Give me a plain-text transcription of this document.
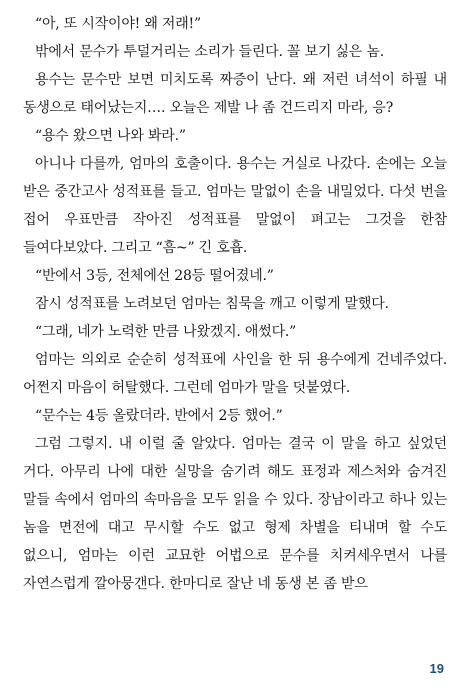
“아, 또 시작이야! 왜 저래!”

밖에서 문수가 투덜거리는 소리가 들린다. 꼴 보기 싫은 놈.

용수는 문수만 보면 미치도록 짜증이 난다. 왜 저런 녀석이 하필 내 동생으로 태어났는지…. 오늘은 제발 나 좀 건드리지 마라, 응?

“용수 왔으면 나와 봐라.”

아니나 다를까, 엄마의 호출이다. 용수는 거실로 나갔다. 손에는 오늘 받은 중간고사 성적표를 들고. 엄마는 말없이 손을 내밀었다. 다섯 번을 접어 우표만큼 작아진 성적표를 말없이 펴고는 그것을 한참 들여다보았다. 그리고 “흠~” 긴 호흡.

“반에서 3등, 전체에선 28등 떨어졌네.”

잠시 성적표를 노려보던 엄마는 침묵을 깨고 이렇게 말했다.

“그래, 네가 노력한 만큼 나왔겠지. 애썼다.”

엄마는 의외로 순순히 성적표에 사인을 한 뒤 용수에게 건네주었다. 어쩐지 마음이 허탈했다. 그런데 엄마가 말을 덧붙였다.

“문수는 4등 올랐더라. 반에서 2등 했어.”

그럼 그렇지. 내 이럴 줄 알았다. 엄마는 결국 이 말을 하고 싶었던 거다. 아무리 나에 대한 실망을 숨기려 해도 표정과 제스처와 숨겨진 말들 속에서 엄마의 속마음을 모두 읽을 수 있다. 장남이라고 하나 있는 놈을 면전에 대고 무시할 수도 없고 형제 차별을 티내며 할 수도 없으니, 엄마는 이런 교묘한 어법으로 문수를 치켜세우면서 나를 자연스럽게 깔아뭉갠다. 한마디로 잘난 네 동생 본 좀 받으

19
